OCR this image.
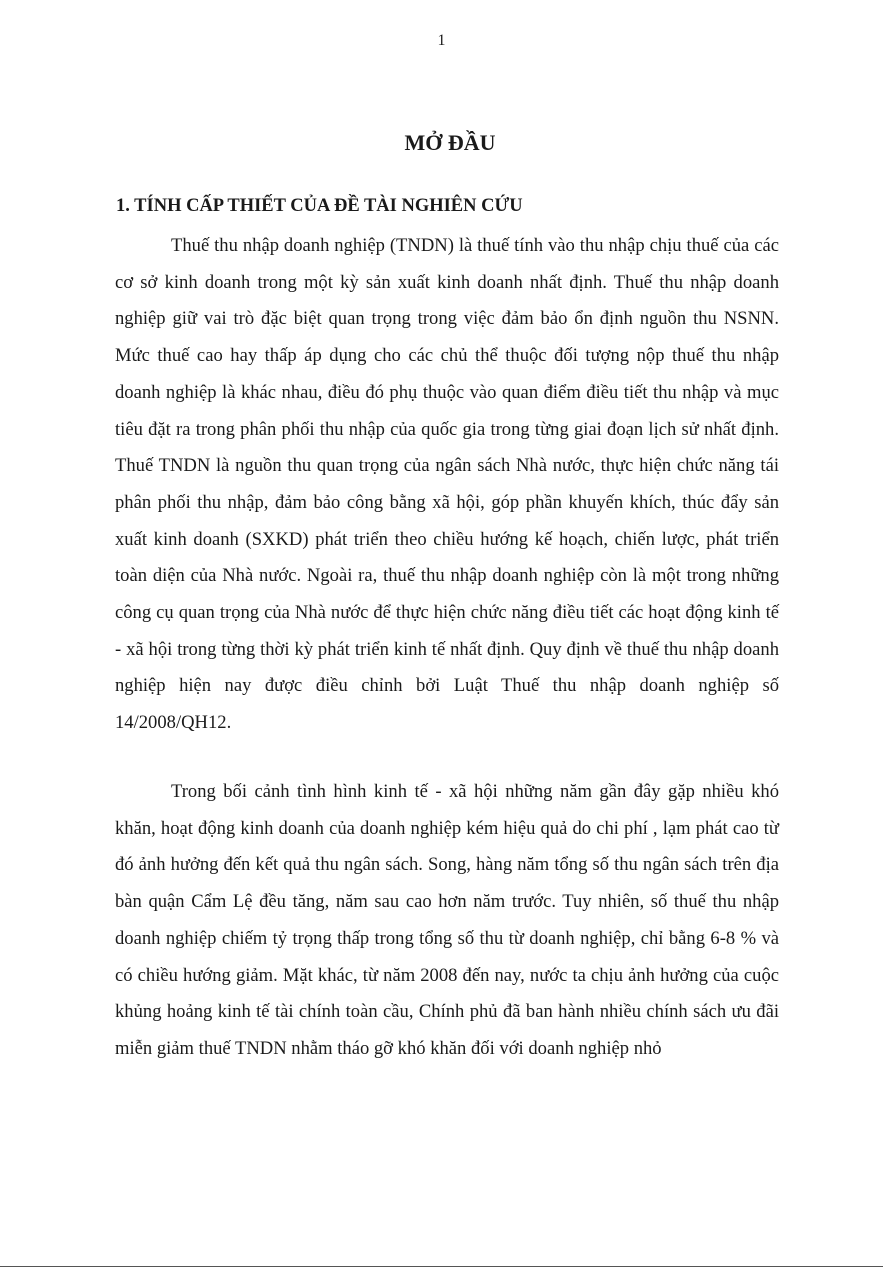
1
MỞ ĐẦU
1. TÍNH CẤP THIẾT CỦA ĐỀ TÀI NGHIÊN CỨU

Thuế thu nhập doanh nghiệp (TNDN) là thuế tính vào thu nhập chịu thuế của các cơ sở kinh doanh trong một kỳ sản xuất kinh doanh nhất định. Thuế thu nhập doanh nghiệp giữ vai trò đặc biệt quan trọng trong việc đảm bảo ổn định nguồn thu NSNN. Mức thuế cao hay thấp áp dụng cho các chủ thể thuộc đối tượng nộp thuế thu nhập doanh nghiệp là khác nhau, điều đó phụ thuộc vào quan điểm điều tiết thu nhập và mục tiêu đặt ra trong phân phối thu nhập của quốc gia trong từng giai đoạn lịch sử nhất định. Thuế TNDN là nguồn thu quan trọng của ngân sách Nhà nước, thực hiện chức năng tái phân phối thu nhập, đảm bảo công bằng xã hội, góp phần khuyến khích, thúc đẩy sản xuất kinh doanh (SXKD) phát triển theo chiều hướng kế hoạch, chiến lược, phát triển toàn diện của Nhà nước. Ngoài ra, thuế thu nhập doanh nghiệp còn là một trong những công cụ quan trọng của Nhà nước để thực hiện chức năng điều tiết các hoạt động kinh tế - xã hội trong từng thời kỳ phát triển kinh tế nhất định. Quy định về thuế thu nhập doanh nghiệp hiện nay được điều chỉnh bởi Luật Thuế thu nhập doanh nghiệp số 14/2008/QH12.

Trong bối cảnh tình hình kinh tế - xã hội những năm gần đây gặp nhiều khó khăn, hoạt động kinh doanh của doanh nghiệp kém hiệu quả do chi phí , lạm phát cao từ đó ảnh hưởng đến kết quả thu ngân sách. Song, hàng năm tổng số thu ngân sách trên địa bàn quận Cẩm Lệ đều tăng, năm sau cao hơn năm trước. Tuy nhiên, số thuế thu nhập doanh nghiệp chiếm tỷ trọng thấp trong tổng số thu từ doanh nghiệp, chỉ bằng 6-8 % và có chiều hướng giảm. Mặt khác, từ năm 2008 đến nay, nước ta chịu ảnh hưởng của cuộc khủng hoảng kinh tế tài chính toàn cầu, Chính phủ đã ban hành nhiều chính sách ưu đãi miễn giảm thuế TNDN nhằm tháo gỡ khó khăn đối với doanh nghiệp nhỏ
